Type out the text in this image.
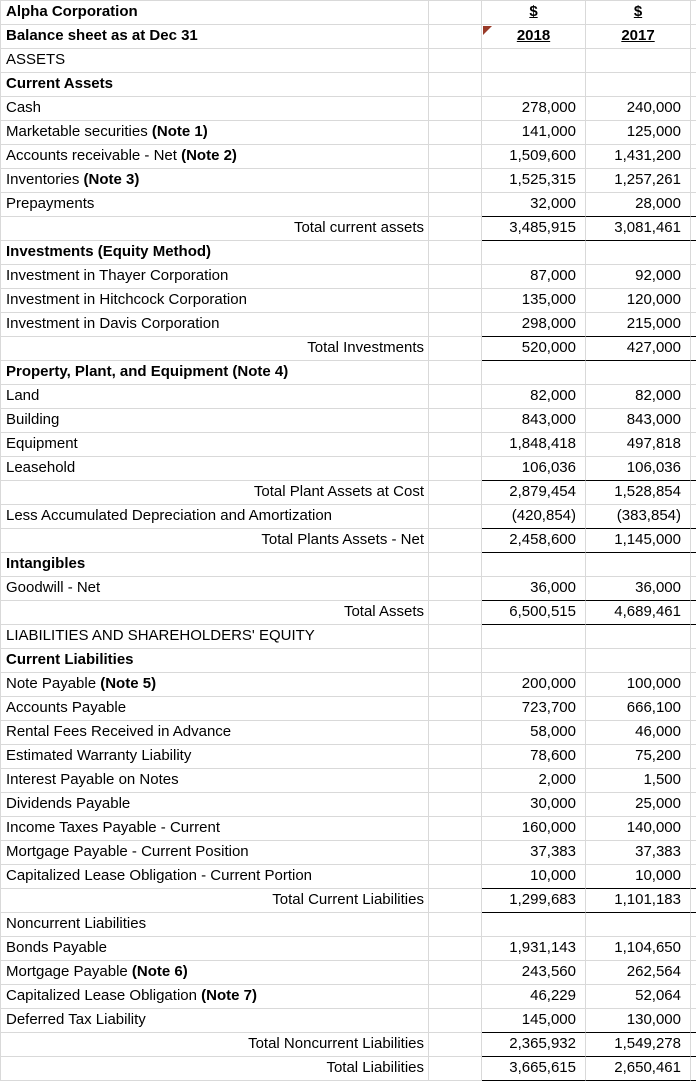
Alpha Corporation	$	$
Balance sheet as at Dec 31	2018	2017
ASSETS
Current Assets
Cash	278,000	240,000
Marketable securities (Note 1)	141,000	125,000
Accounts receivable - Net (Note 2)	1,509,600	1,431,200
Inventories (Note 3)	1,525,315	1,257,261
Prepayments	32,000	28,000
Total current assets	3,485,915	3,081,461
Investments (Equity Method)
Investment in Thayer Corporation	87,000	92,000
Investment in Hitchcock Corporation	135,000	120,000
Investment in Davis Corporation	298,000	215,000
Total Investments	520,000	427,000
Property, Plant, and Equipment (Note 4)
Land	82,000	82,000
Building	843,000	843,000
Equipment	1,848,418	497,818
Leasehold	106,036	106,036
Total Plant Assets at Cost	2,879,454	1,528,854
Less Accumulated Depreciation and Amortization	(420,854)	(383,854)
Total Plants Assets - Net	2,458,600	1,145,000
Intangibles
Goodwill - Net	36,000	36,000
Total Assets	6,500,515	4,689,461
LIABILITIES AND SHAREHOLDERS' EQUITY
Current Liabilities
Note Payable (Note 5)	200,000	100,000
Accounts Payable	723,700	666,100
Rental Fees Received in Advance	58,000	46,000
Estimated Warranty Liability	78,600	75,200
Interest Payable on Notes	2,000	1,500
Dividends Payable	30,000	25,000
Income Taxes Payable - Current	160,000	140,000
Mortgage Payable - Current Position	37,383	37,383
Capitalized Lease Obligation - Current Portion	10,000	10,000
Total Current Liabilities	1,299,683	1,101,183
Noncurrent Liabilities
Bonds Payable	1,931,143	1,104,650
Mortgage Payable (Note 6)	243,560	262,564
Capitalized Lease Obligation (Note 7)	46,229	52,064
Deferred Tax Liability	145,000	130,000
Total Noncurrent Liabilities	2,365,932	1,549,278
Total Liabilities	3,665,615	2,650,461
